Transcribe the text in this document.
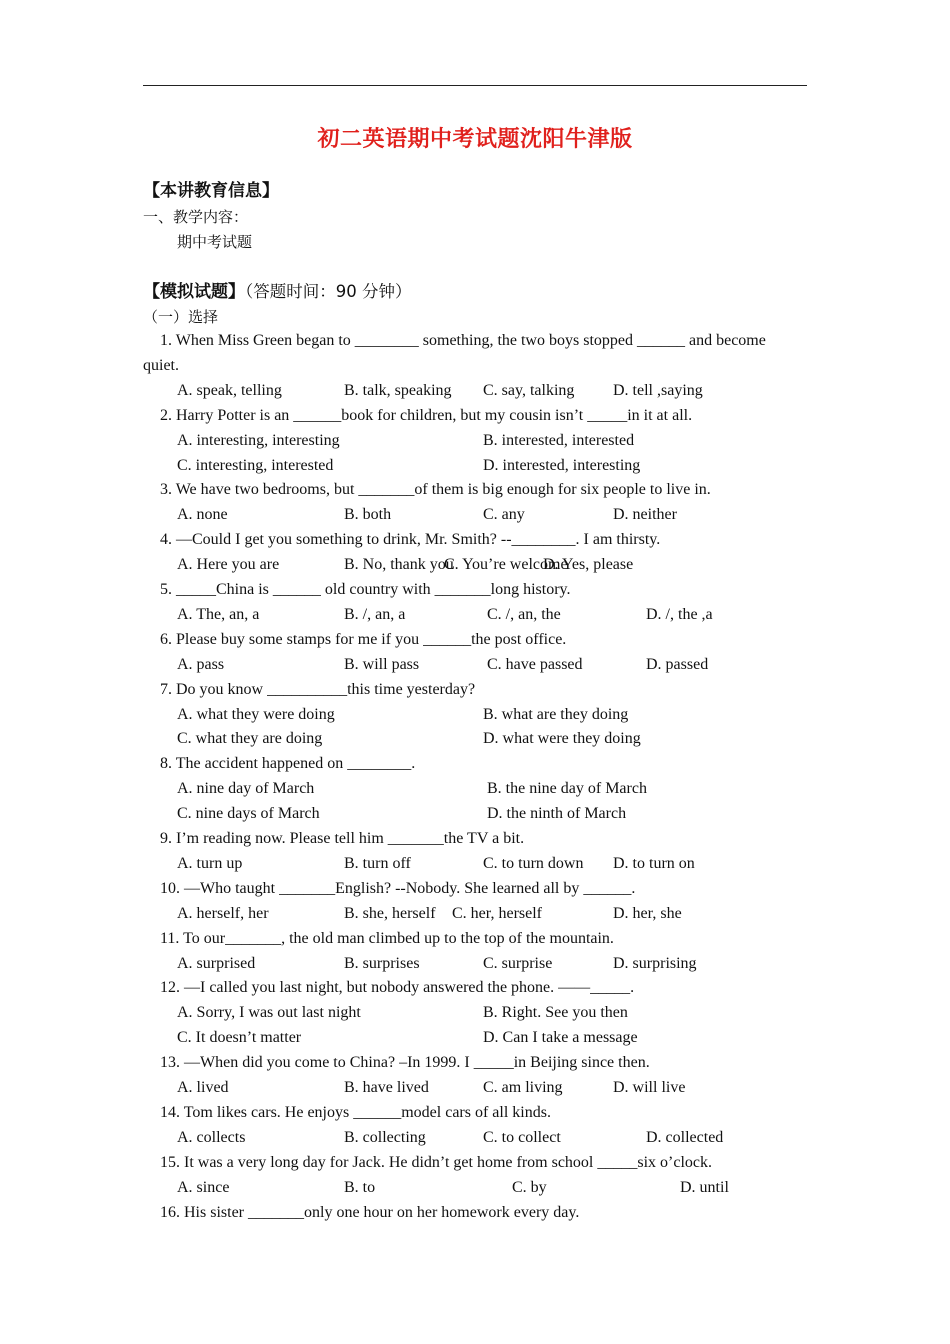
初二英语期中考试题沈阳牛津版
【本讲教育信息】
一、教学内容：
期中考试题
【模拟试题】（答题时间：90 分钟）
（一）选择
1. When Miss Green began to ________ something, the two boys stopped ______ and become
quiet.
A. speak, telling	B. talk, speaking C. say, talking D. tell ,saying
2. Harry Potter is an ______book for children, but my cousin isn’t _____in it at all.
A. interesting, interesting	B. interested, interested
C. interesting, interested	D. interested, interesting
3. We have two bedrooms, but _______of them is big enough for six people to live in.
A. none	B. both	C. any	D. neither
4. —Could I get you something to drink, Mr. Smith? --________. I am thirsty.
A. Here you are	B. No, thank you
C. You’re welcome
D. Yes, please
5. _____China is ______ old country with _______long history.
A. The, an, a	B. /, an, a	C. /, an, the	D. /, the ,a
6. Please buy some stamps for me if you ______the post office.
A. pass	B. will pass	C. have passed	D. passed
7. Do you know __________this time yesterday?
A. what they were doing	B. what are they doing
C. what they are doing	D. what were they doing
8. The accident happened on ________.
A. nine day of March	B. the nine day of March
C. nine days of March	D. the ninth of March
9. I’m reading now. Please tell him _______the TV a bit.
A. turn up	B. turn off	C. to turn down D. to turn on
10. —Who taught _______English? --Nobody. She learned all by ______.
A. herself, her	B. she, herself C. her, herself	D. her, she
11. To our_______, the old man climbed up to the top of the mountain.
A. surprised	B. surprises	C. surprise	D. surprising
12. —I called you last night, but nobody answered the phone. ——_____.
A. Sorry, I was out last night	B. Right. See you then
C. It doesn’t matter	D. Can I take a message
13. —When did you come to China? –In 1999. I _____in Beijing since then.
A. lived	B. have lived	C. am living	D. will live
14. Tom likes cars. He enjoys ______model cars of all kinds.
A. collects	B. collecting	C. to collect	D. collected
15. It was a very long day for Jack. He didn’t get home from school _____six o’clock.
A. since	B. to	C. by	D. until
16. His sister _______only one hour on her homework every day.
